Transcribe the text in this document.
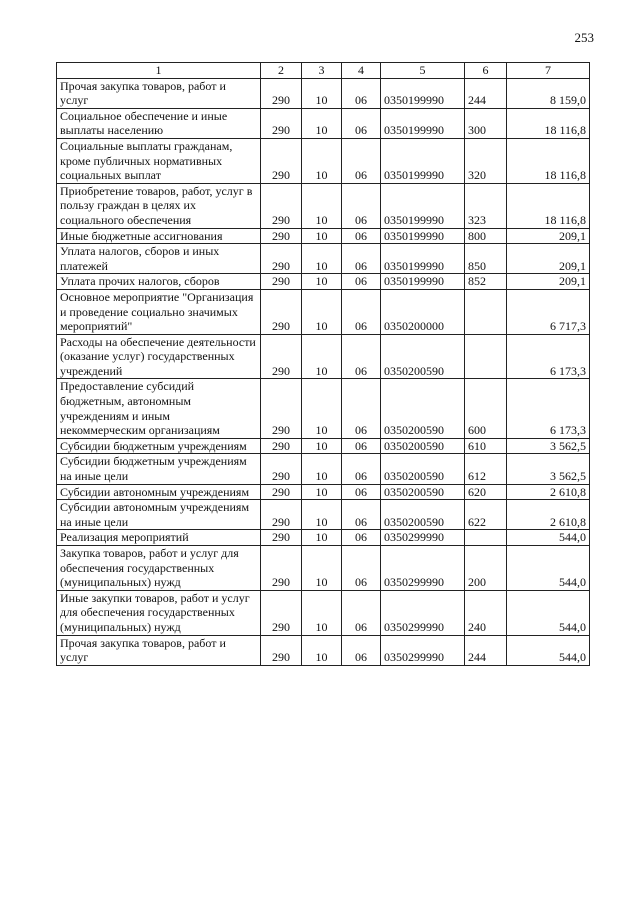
253
1	2	3	4	5	6	7
Прочая закупка товаров, работ и услуг	290	10	06	0350199990	244	8 159,0
Социальное обеспечение и иные выплаты населению	290	10	06	0350199990	300	18 116,8
Социальные выплаты гражданам, кроме публичных нормативных социальных выплат	290	10	06	0350199990	320	18 116,8
Приобретение товаров, работ, услуг в пользу граждан в целях их социального обеспечения	290	10	06	0350199990	323	18 116,8
Иные бюджетные ассигнования	290	10	06	0350199990	800	209,1
Уплата налогов, сборов и иных платежей	290	10	06	0350199990	850	209,1
Уплата прочих налогов, сборов	290	10	06	0350199990	852	209,1
Основное мероприятие "Организация и проведение социально значимых мероприятий"	290	10	06	0350200000		6 717,3
Расходы на обеспечение деятельности (оказание услуг) государственных учреждений	290	10	06	0350200590		6 173,3
Предоставление субсидий бюджетным, автономным учреждениям и иным некоммерческим организациям	290	10	06	0350200590	600	6 173,3
Субсидии бюджетным учреждениям	290	10	06	0350200590	610	3 562,5
Субсидии бюджетным учреждениям на иные цели	290	10	06	0350200590	612	3 562,5
Субсидии автономным учреждениям	290	10	06	0350200590	620	2 610,8
Субсидии автономным учреждениям на иные цели	290	10	06	0350200590	622	2 610,8
Реализация мероприятий	290	10	06	0350299990		544,0
Закупка товаров, работ и услуг для обеспечения государственных (муниципальных) нужд	290	10	06	0350299990	200	544,0
Иные закупки товаров, работ и услуг для обеспечения государственных (муниципальных) нужд	290	10	06	0350299990	240	544,0
Прочая закупка товаров, работ и услуг	290	10	06	0350299990	244	544,0
